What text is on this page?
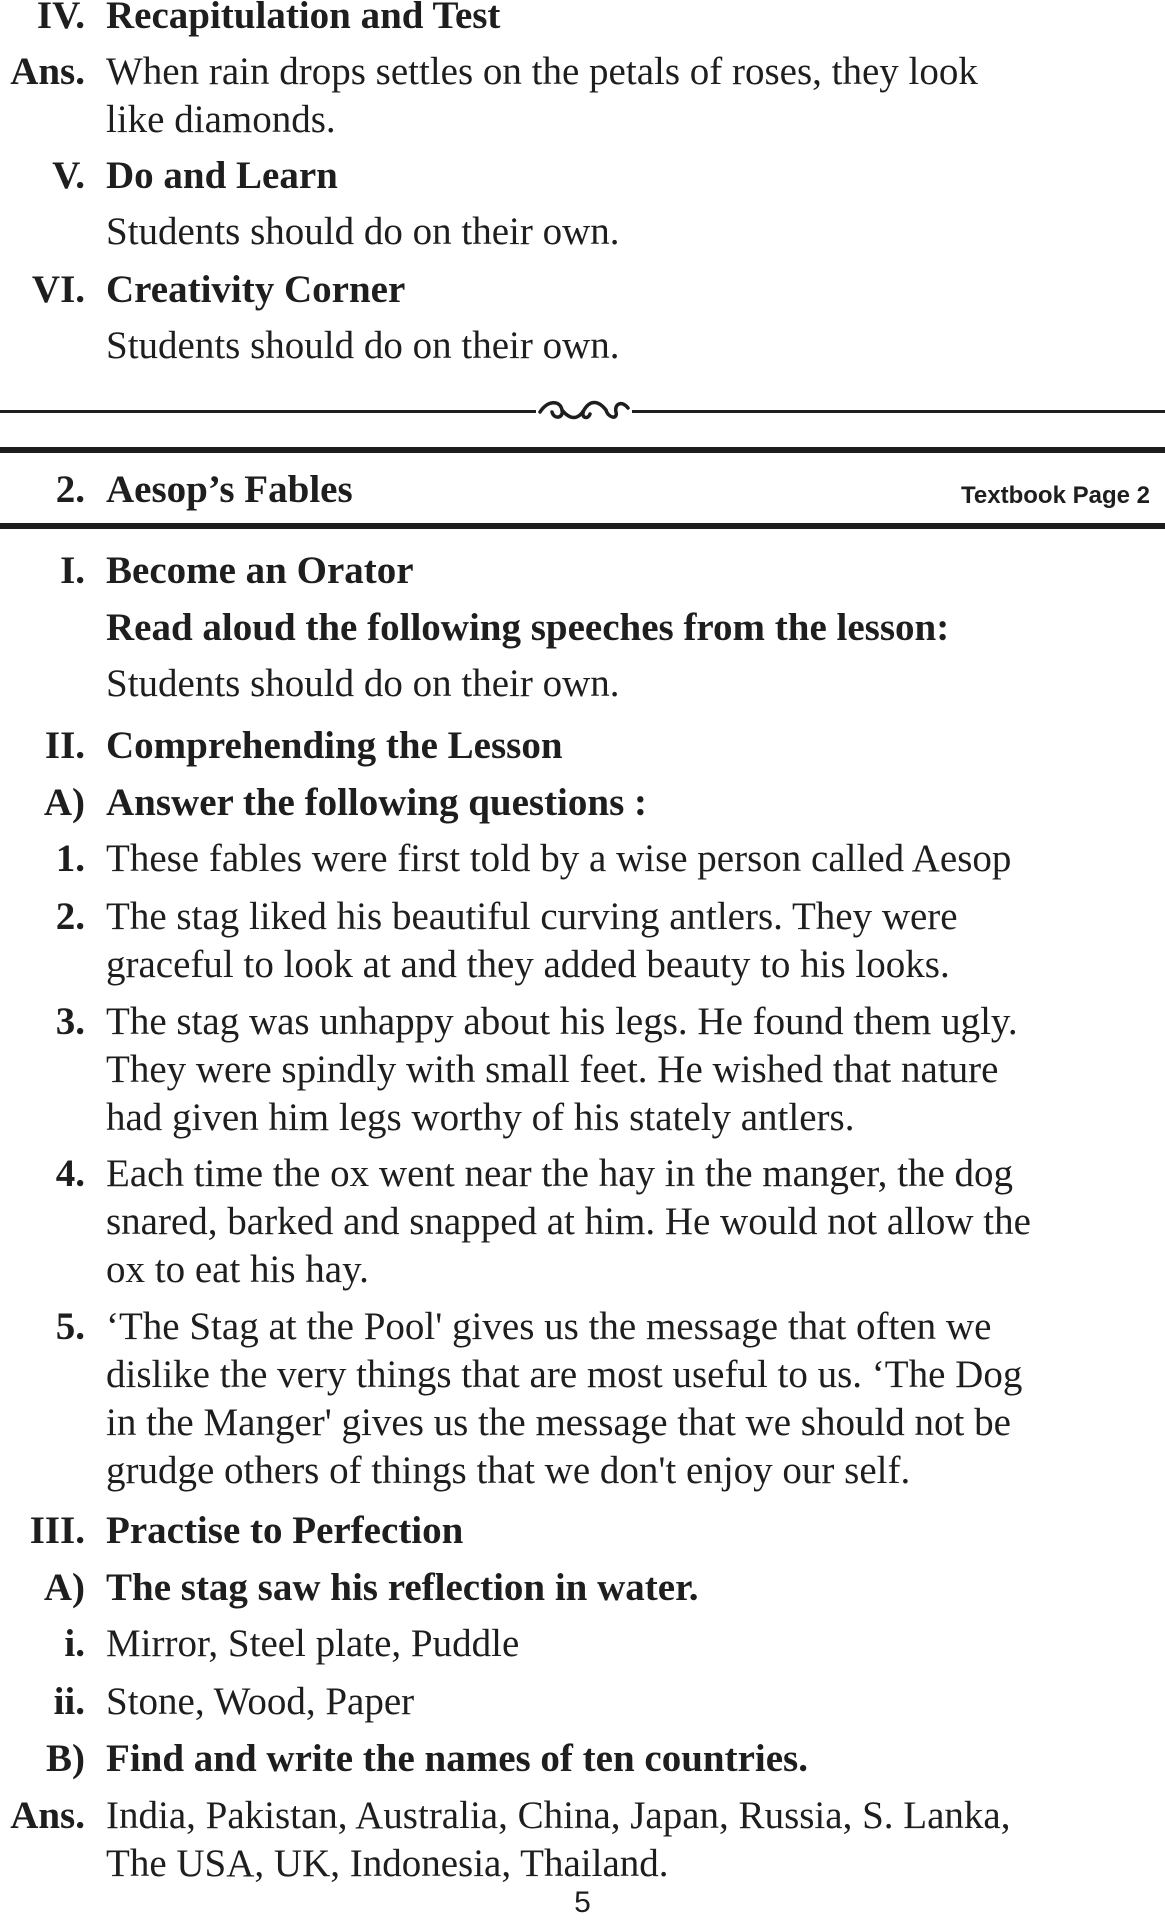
IV. Recapitulation and Test
Ans. When rain drops settles on the petals of roses, they look
like diamonds.
V. Do and Learn
Students should do on their own.
VI. Creativity Corner
Students should do on their own.
2. Aesop’s Fables	Textbook Page 2
I. Become an Orator
Read aloud the following speeches from the lesson:
Students should do on their own.
II. Comprehending the Lesson
A) Answer the following questions :
1. These fables were first told by a wise person called Aesop
2. The stag liked his beautiful curving antlers. They were
graceful to look at and they added beauty to his looks.
3. The stag was unhappy about his legs. He found them ugly.
They were spindly with small feet. He wished that nature
had given him legs worthy of his stately antlers.
4. Each time the ox went near the hay in the manger, the dog
snared, barked and snapped at him. He would not allow the
ox to eat his hay.
5. ‘The Stag at the Pool' gives us the message that often we
dislike the very things that are most useful to us. ‘The Dog
in the Manger' gives us the message that we should not be
grudge others of things that we don't enjoy our self.
III. Practise to Perfection
A) The stag saw his reflection in water.
i. Mirror, Steel plate, Puddle
ii. Stone, Wood, Paper
B) Find and write the names of ten countries.
Ans. India, Pakistan, Australia, China, Japan, Russia, S. Lanka,
The USA, UK, Indonesia, Thailand.
5
